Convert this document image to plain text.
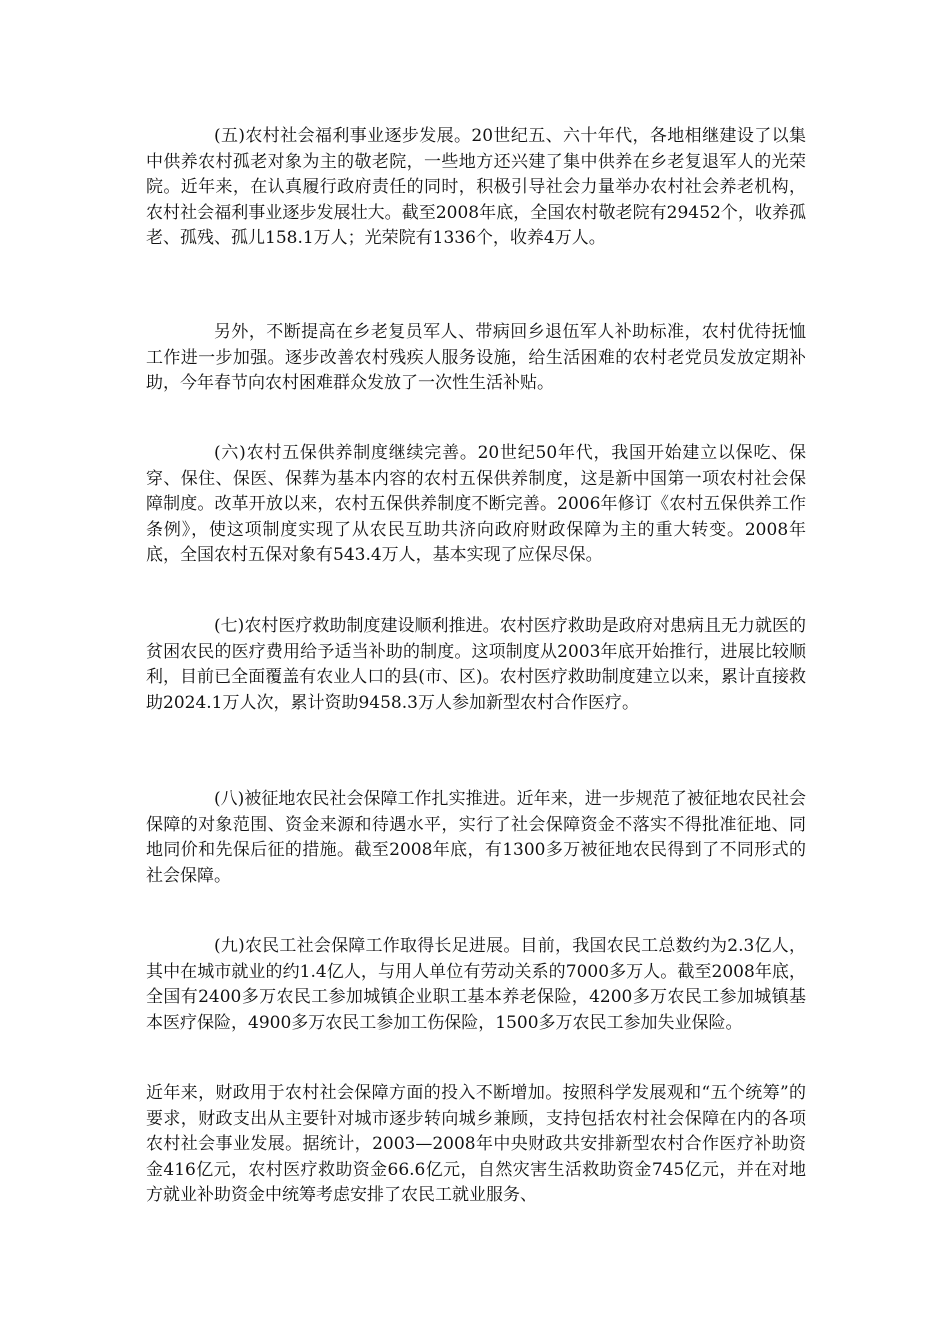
(五)农村社会福利事业逐步发展。20世纪五、六十年代，各地相继建设了以集中供养农村孤老对象为主的敬老院，一些地方还兴建了集中供养在乡老复退军人的光荣院。近年来，在认真履行政府责任的同时，积极引导社会力量举办农村社会养老机构，农村社会福利事业逐步发展壮大。截至2008年底，全国农村敬老院有29452个，收养孤老、孤残、孤儿158.1万人；光荣院有1336个，收养4万人。

另外，不断提高在乡老复员军人、带病回乡退伍军人补助标准，农村优待抚恤工作进一步加强。逐步改善农村残疾人服务设施，给生活困难的农村老党员发放定期补助，今年春节向农村困难群众发放了一次性生活补贴。

(六)农村五保供养制度继续完善。20世纪50年代，我国开始建立以保吃、保穿、保住、保医、保葬为基本内容的农村五保供养制度，这是新中国第一项农村社会保障制度。改革开放以来，农村五保供养制度不断完善。2006年修订《农村五保供养工作条例》，使这项制度实现了从农民互助共济向政府财政保障为主的重大转变。2008年底，全国农村五保对象有543.4万人，基本实现了应保尽保。

(七)农村医疗救助制度建设顺利推进。农村医疗救助是政府对患病且无力就医的贫困农民的医疗费用给予适当补助的制度。这项制度从2003年底开始推行，进展比较顺利，目前已全面覆盖有农业人口的县(市、区)。农村医疗救助制度建立以来，累计直接救助2024.1万人次，累计资助9458.3万人参加新型农村合作医疗。

(八)被征地农民社会保障工作扎实推进。近年来，进一步规范了被征地农民社会保障的对象范围、资金来源和待遇水平，实行了社会保障资金不落实不得批准征地、同地同价和先保后征的措施。截至2008年底，有1300多万被征地农民得到了不同形式的社会保障。

(九)农民工社会保障工作取得长足进展。目前，我国农民工总数约为2.3亿人，其中在城市就业的约1.4亿人，与用人单位有劳动关系的7000多万人。截至2008年底，全国有2400多万农民工参加城镇企业职工基本养老保险，4200多万农民工参加城镇基本医疗保险，4900多万农民工参加工伤保险，1500多万农民工参加失业保险。

近年来，财政用于农村社会保障方面的投入不断增加。按照科学发展观和“五个统筹”的要求，财政支出从主要针对城市逐步转向城乡兼顾，支持包括农村社会保障在内的各项农村社会事业发展。据统计，2003—2008年中央财政共安排新型农村合作医疗补助资金416亿元，农村医疗救助资金66.6亿元，自然灾害生活救助资金745亿元，并在对地方就业补助资金中统筹考虑安排了农民工就业服务、
